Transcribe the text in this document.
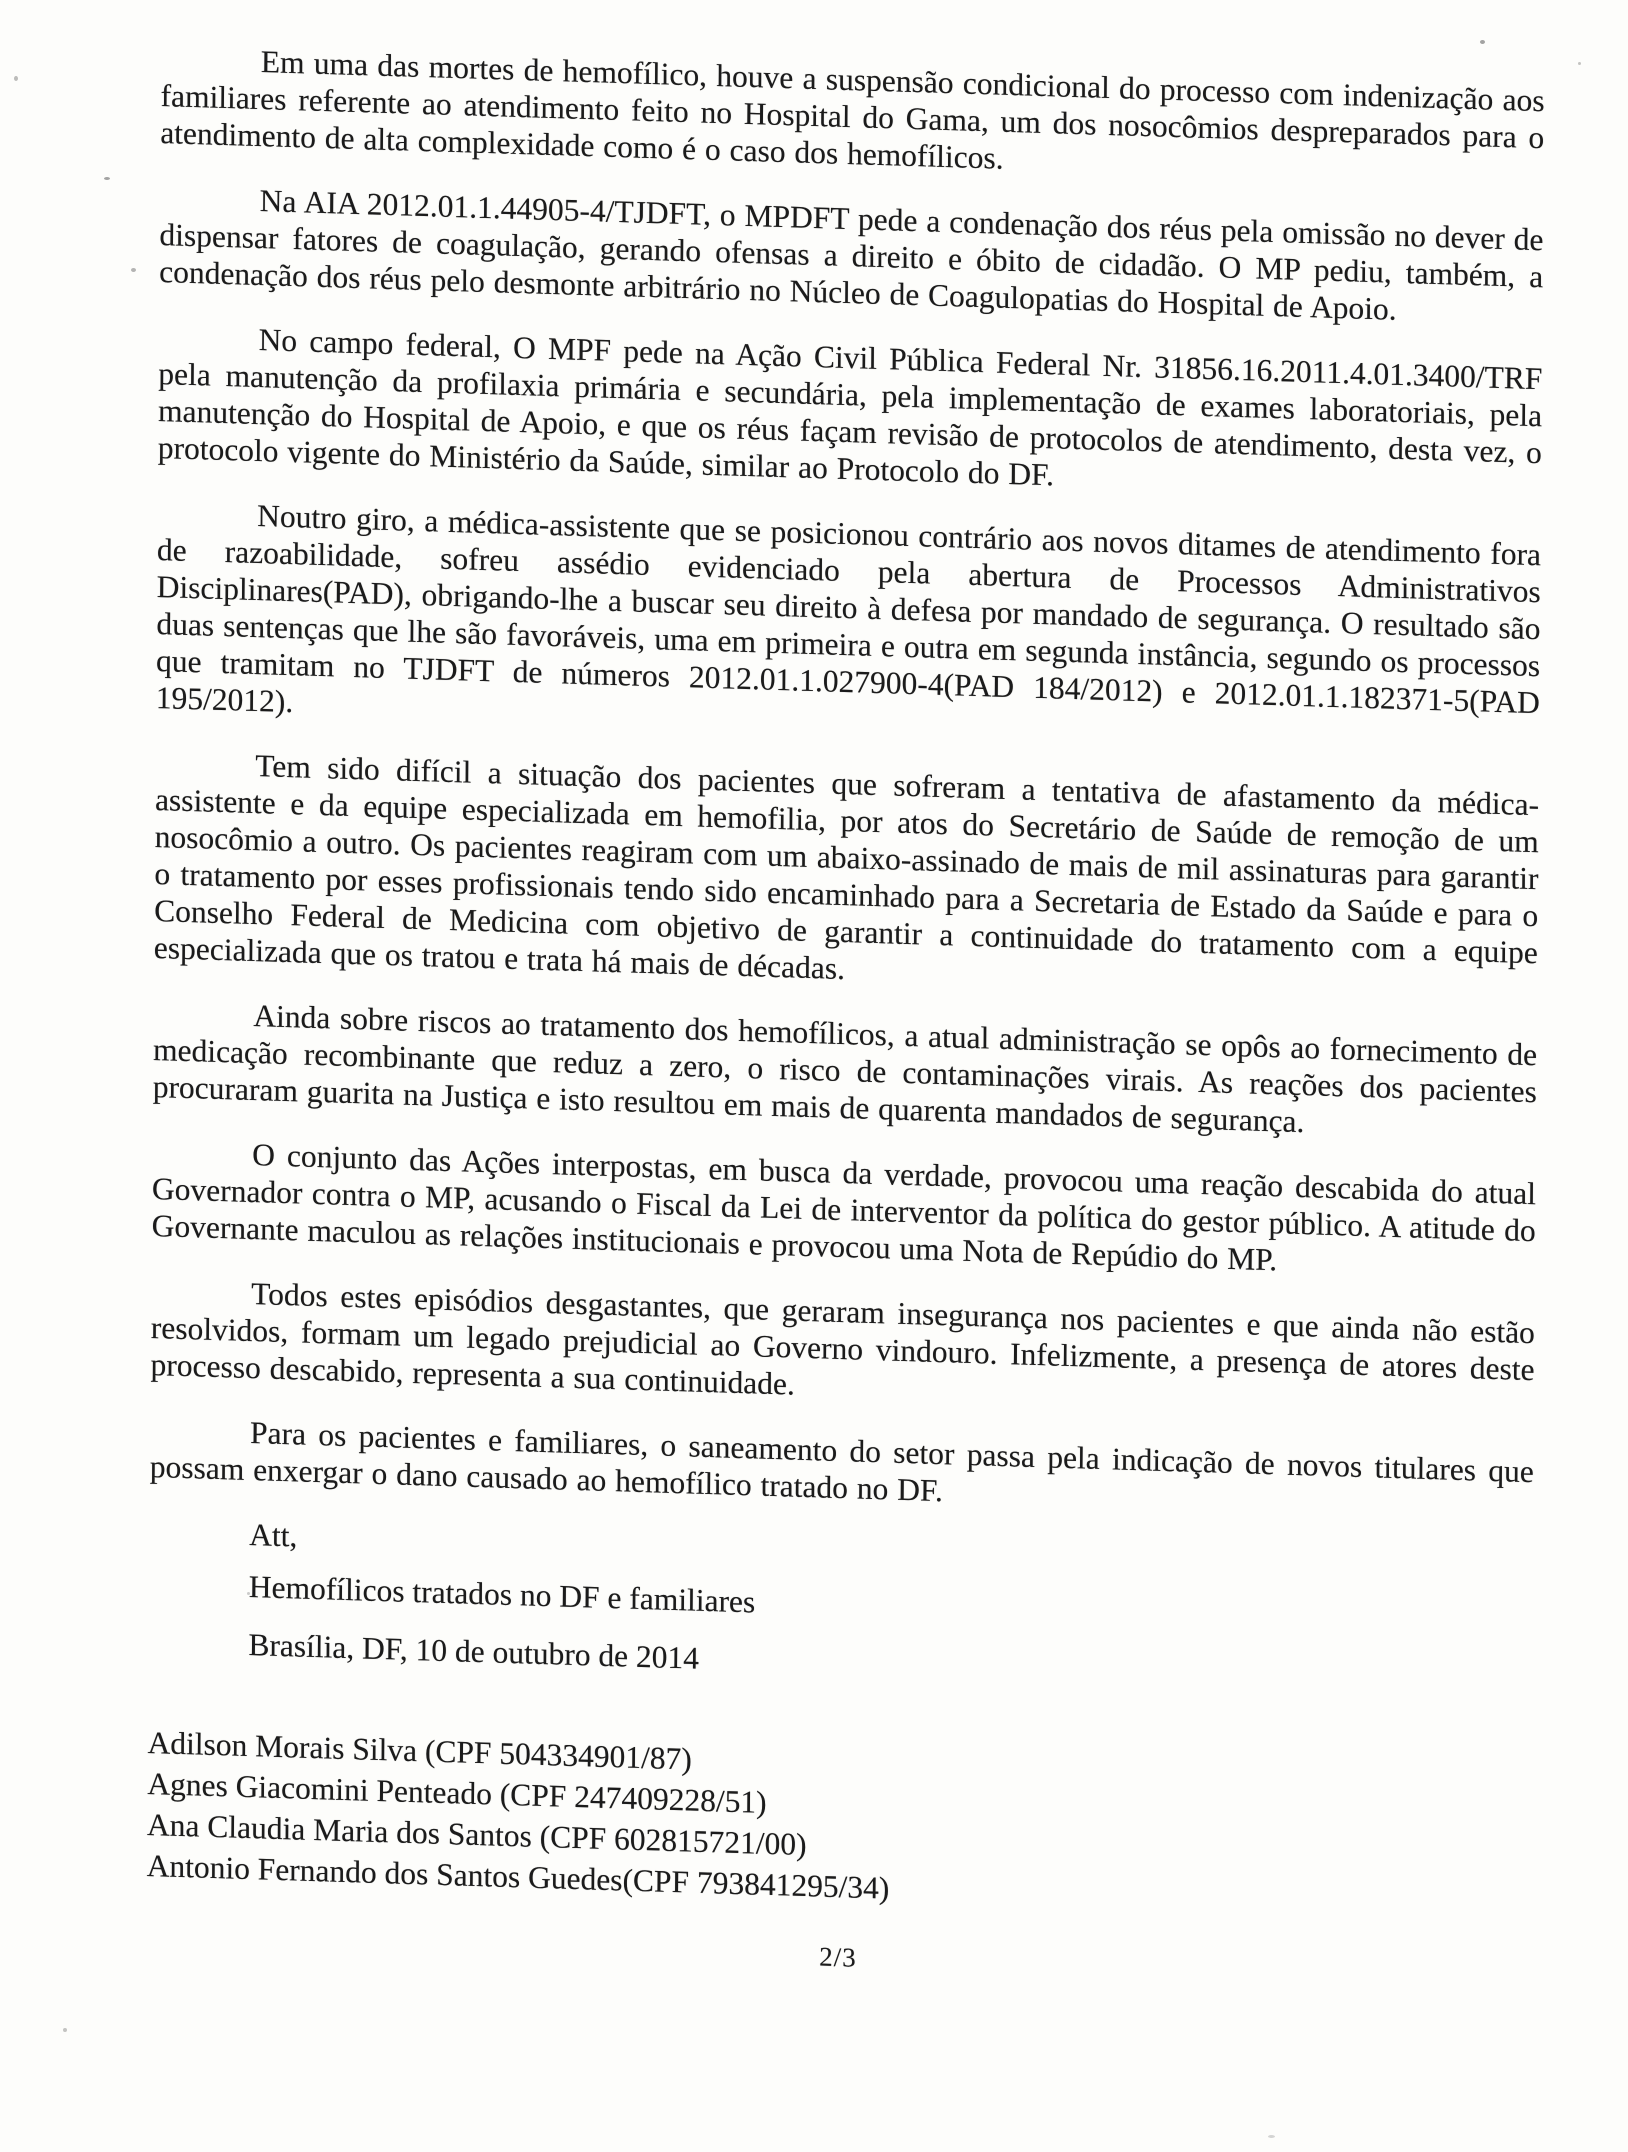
Em uma das mortes de hemofílico, houve a suspensão condicional do processo com indenização aos familiares referente ao atendimento feito no Hospital do Gama, um dos nosocômios despreparados para o atendimento de alta complexidade como é o caso dos hemofílicos.

Na AIA 2012.01.1.44905-4/TJDFT, o MPDFT pede a condenação dos réus pela omissão no dever de dispensar fatores de coagulação, gerando ofensas a direito e óbito de cidadão. O MP pediu, também, a condenação dos réus pelo desmonte arbitrário no Núcleo de Coagulopatias do Hospital de Apoio.

No campo federal, O MPF pede na Ação Civil Pública Federal Nr. 31856.16.2011.4.01.3400/TRF pela manutenção da profilaxia primária e secundária, pela implementação de exames laboratoriais, pela manutenção do Hospital de Apoio, e que os réus façam revisão de protocolos de atendimento, desta vez, o protocolo vigente do Ministério da Saúde, similar ao Protocolo do DF.

Noutro giro, a médica-assistente que se posicionou contrário aos novos ditames de atendimento fora de razoabilidade, sofreu assédio evidenciado pela abertura de Processos Administrativos Disciplinares(PAD), obrigando-lhe a buscar seu direito à defesa por mandado de segurança. O resultado são duas sentenças que lhe são favoráveis, uma em primeira e outra em segunda instância, segundo os processos que tramitam no TJDFT de números 2012.01.1.027900-4(PAD 184/2012) e 2012.01.1.182371-5(PAD 195/2012).

Tem sido difícil a situação dos pacientes que sofreram a tentativa de afastamento da médica-assistente e da equipe especializada em hemofilia, por atos do Secretário de Saúde de remoção de um nosocômio a outro. Os pacientes reagiram com um abaixo-assinado de mais de mil assinaturas para garantir o tratamento por esses profissionais tendo sido encaminhado para a Secretaria de Estado da Saúde e para o Conselho Federal de Medicina com objetivo de garantir a continuidade do tratamento com a equipe especializada que os tratou e trata há mais de décadas.

Ainda sobre riscos ao tratamento dos hemofílicos, a atual administração se opôs ao fornecimento de medicação recombinante que reduz a zero, o risco de contaminações virais. As reações dos pacientes procuraram guarita na Justiça e isto resultou em mais de quarenta mandados de segurança.

O conjunto das Ações interpostas, em busca da verdade, provocou uma reação descabida do atual Governador contra o MP, acusando o Fiscal da Lei de interventor da política do gestor público. A atitude do Governante maculou as relações institucionais e provocou uma Nota de Repúdio do MP.

Todos estes episódios desgastantes, que geraram insegurança nos pacientes e que ainda não estão resolvidos, formam um legado prejudicial ao Governo vindouro. Infelizmente, a presença de atores deste processo descabido, representa a sua continuidade.

Para os pacientes e familiares, o saneamento do setor passa pela indicação de novos titulares que possam enxergar o dano causado ao hemofílico tratado no DF.

Att,

Hemofílicos tratados no DF e familiares

Brasília, DF, 10 de outubro de 2014

Adilson Morais Silva (CPF 504334901/87)
Agnes Giacomini Penteado (CPF 247409228/51)
Ana Claudia Maria dos Santos (CPF 602815721/00)
Antonio Fernando dos Santos Guedes(CPF 793841295/34)
2/3
